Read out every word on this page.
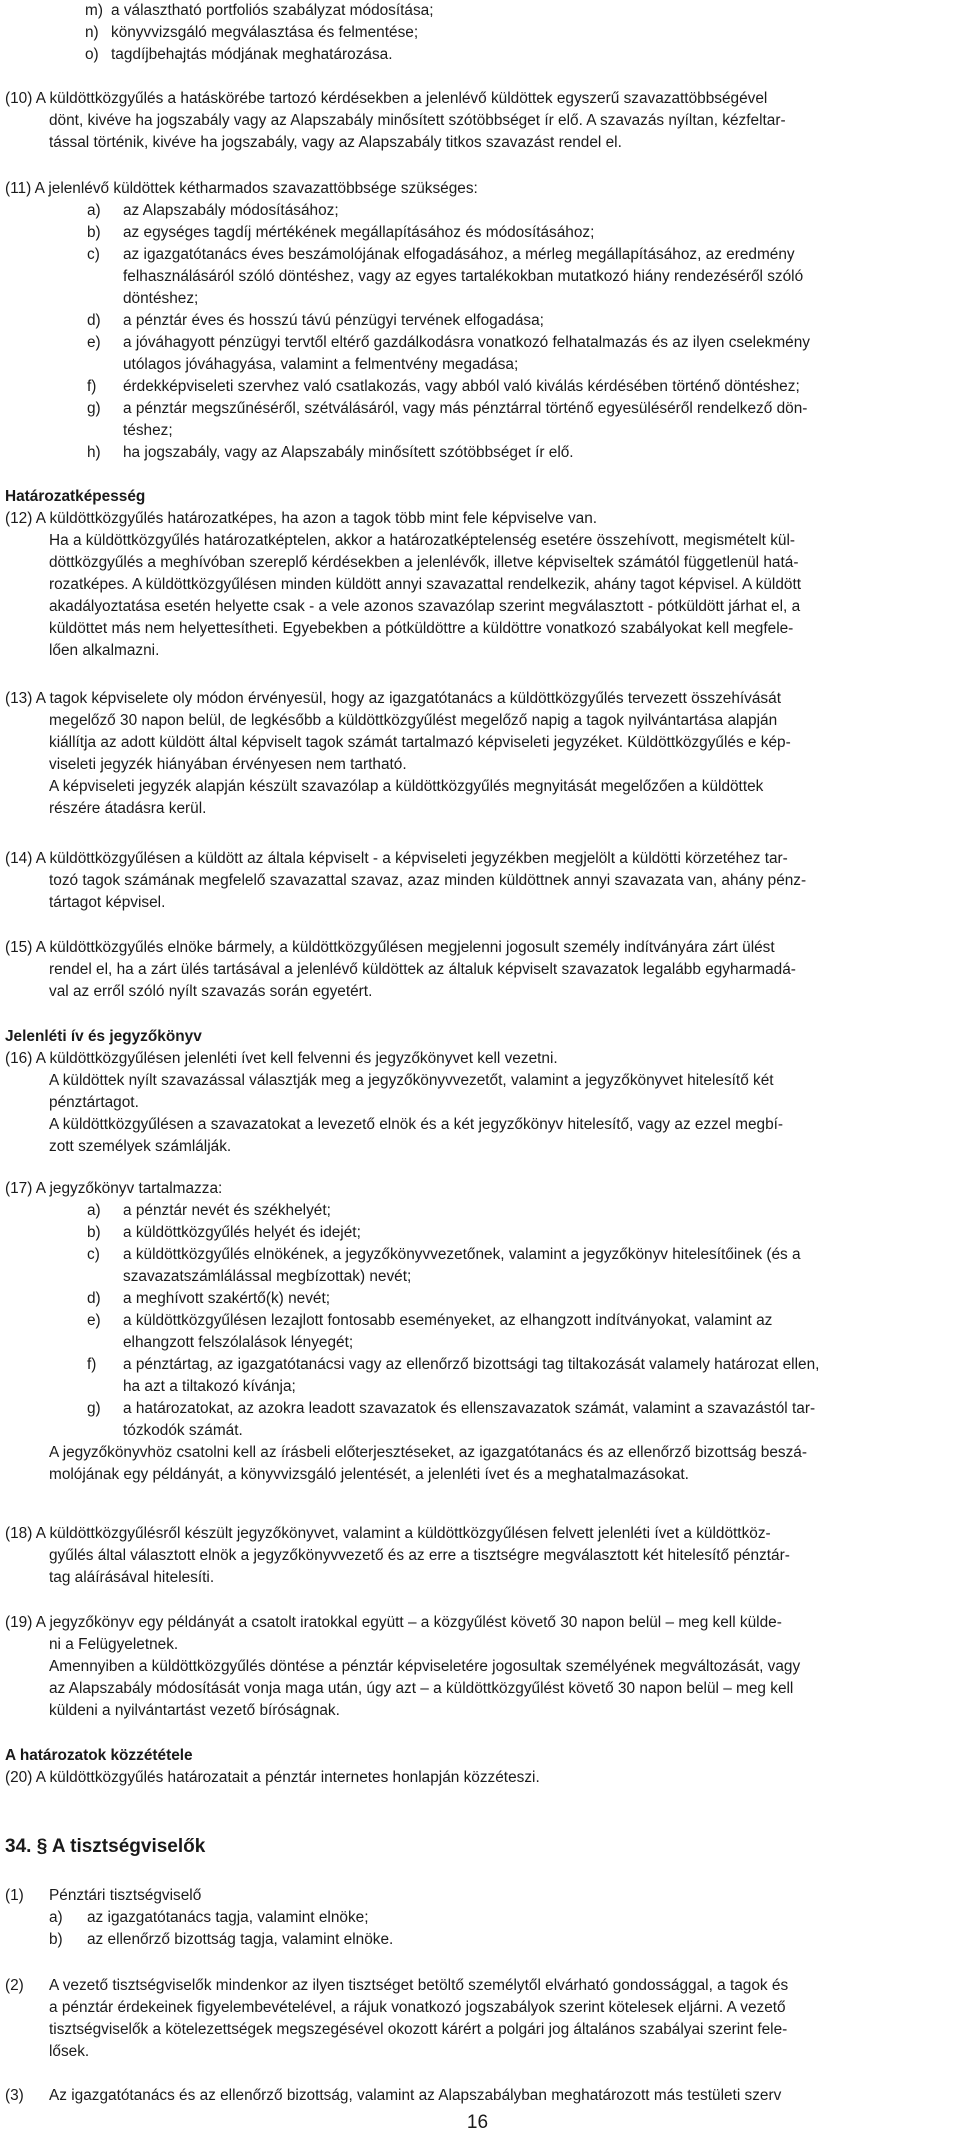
m) a választható portfoliós szabályzat módosítása;
n) könyvvizsgáló megválasztása és felmentése;
o) tagdíjbehajtás módjának meghatározása.
(10) A küldöttközgyűlés a hatáskörébe tartozó kérdésekben a jelenlévő küldöttek egyszerű szavazattöbbségével
dönt, kivéve ha jogszabály vagy az Alapszabály minősített szótöbbséget ír elő. A szavazás nyíltan, kézfeltar-
tással történik, kivéve ha jogszabály, vagy az Alapszabály titkos szavazást rendel el.
(11) A jelenlévő küldöttek kétharmados szavazattöbbsége szükséges:
a) az Alapszabály módosításához;
b) az egységes tagdíj mértékének megállapításához és módosításához;
c) az igazgatótanács éves beszámolójának elfogadásához, a mérleg megállapításához, az eredmény
felhasználásáról szóló döntéshez, vagy az egyes tartalékokban mutatkozó hiány rendezéséről szóló
döntéshez;
d) a pénztár éves és hosszú távú pénzügyi tervének elfogadása;
e) a jóváhagyott pénzügyi tervtől eltérő gazdálkodásra vonatkozó felhatalmazás és az ilyen cselekmény
utólagos jóváhagyása, valamint a felmentvény megadása;
f) érdekképviseleti szervhez való csatlakozás, vagy abból való kiválás kérdésében történő döntéshez;
g) a pénztár megszűnéséről, szétválásáról, vagy más pénztárral történő egyesüléséről rendelkező dön-
téshez;
h) ha jogszabály, vagy az Alapszabály minősített szótöbbséget ír elő.
Határozatképesség
(12) A küldöttközgyűlés határozatképes, ha azon a tagok több mint fele képviselve van.
Ha a küldöttközgyűlés határozatképtelen, akkor a határozatképtelenség esetére összehívott, megismételt kül-
döttközgyűlés a meghívóban szereplő kérdésekben a jelenlévők, illetve képviseltek számától függetlenül hatá-
rozatképes. A küldöttközgyűlésen minden küldött annyi szavazattal rendelkezik, ahány tagot képvisel. A küldött
akadályoztatása esetén helyette csak - a vele azonos szavazólap szerint megválasztott - pótküldött járhat el, a
küldöttet más nem helyettesítheti. Egyebekben a pótküldöttre a küldöttre vonatkozó szabályokat kell megfele-
lően alkalmazni.
(13) A tagok képviselete oly módon érvényesül, hogy az igazgatótanács a küldöttközgyűlés tervezett összehívását
megelőző 30 napon belül, de legkésőbb a küldöttközgyűlést megelőző napig a tagok nyilvántartása alapján
kiállítja az adott küldött által képviselt tagok számát tartalmazó képviseleti jegyzéket. Küldöttközgyűlés e kép-
viseleti jegyzék hiányában érvényesen nem tartható.
A képviseleti jegyzék alapján készült szavazólap a küldöttközgyűlés megnyitását megelőzően a küldöttek
részére átadásra kerül.
(14) A küldöttközgyűlésen a küldött az általa képviselt - a képviseleti jegyzékben megjelölt a küldötti körzetéhez tar-
tozó tagok számának megfelelő szavazattal szavaz, azaz minden küldöttnek annyi szavazata van, ahány pénz-
tártagot képvisel.
(15) A küldöttközgyűlés elnöke bármely, a küldöttközgyűlésen megjelenni jogosult személy indítványára zárt ülést
rendel el, ha a zárt ülés tartásával a jelenlévő küldöttek az általuk képviselt szavazatok legalább egyharmadá-
val az erről szóló nyílt szavazás során egyetért.
Jelenléti ív és jegyzőkönyv
(16) A küldöttközgyűlésen jelenléti ívet kell felvenni és jegyzőkönyvet kell vezetni.
A küldöttek nyílt szavazással választják meg a jegyzőkönyvvezetőt, valamint a jegyzőkönyvet hitelesítő két
pénztártagot.
A küldöttközgyűlésen a szavazatokat a levezető elnök és a két jegyzőkönyv hitelesítő, vagy az ezzel megbí-
zott személyek számlálják.
(17) A jegyzőkönyv tartalmazza:
a) a pénztár nevét és székhelyét;
b) a küldöttközgyűlés helyét és idejét;
c) a küldöttközgyűlés elnökének, a jegyzőkönyvvezetőnek, valamint a jegyzőkönyv hitelesítőinek (és a
szavazatszámlálással megbízottak) nevét;
d) a meghívott szakértő(k) nevét;
e) a küldöttközgyűlésen lezajlott fontosabb eseményeket, az elhangzott indítványokat, valamint az
elhangzott felszólalások lényegét;
f) a pénztártag, az igazgatótanácsi vagy az ellenőrző bizottsági tag tiltakozását valamely határozat ellen,
ha azt a tiltakozó kívánja;
g) a határozatokat, az azokra leadott szavazatok és ellenszavazatok számát, valamint a szavazástól tar-
tózkodók számát.
A jegyzőkönyvhöz csatolni kell az írásbeli előterjesztéseket, az igazgatótanács és az ellenőrző bizottság beszá-
molójának egy példányát, a könyvvizsgáló jelentését, a jelenléti ívet és a meghatalmazásokat.
(18) A küldöttközgyűlésről készült jegyzőkönyvet, valamint a küldöttközgyűlésen felvett jelenléti ívet a küldöttköz-
gyűlés által választott elnök a jegyzőkönyvvezető és az erre a tisztségre megválasztott két hitelesítő pénztár-
tag aláírásával hitelesíti.
(19) A jegyzőkönyv egy példányát a csatolt iratokkal együtt – a közgyűlést követő 30 napon belül – meg kell külde-
ni a Felügyeletnek.
Amennyiben a küldöttközgyűlés döntése a pénztár képviseletére jogosultak személyének megváltozását, vagy
az Alapszabály módosítását vonja maga után, úgy azt – a küldöttközgyűlést követő 30 napon belül – meg kell
küldeni a nyilvántartást vezető bíróságnak.
A határozatok közzététele
(20) A küldöttközgyűlés határozatait a pénztár internetes honlapján közzéteszi.
34. § A tisztségviselők
(1) Pénztári tisztségviselő
a) az igazgatótanács tagja, valamint elnöke;
b) az ellenőrző bizottság tagja, valamint elnöke.
(2) A vezető tisztségviselők mindenkor az ilyen tisztséget betöltő személytől elvárható gondossággal, a tagok és
a pénztár érdekeinek figyelembevételével, a rájuk vonatkozó jogszabályok szerint kötelesek eljárni. A vezető
tisztségviselők a kötelezettségek megszegésével okozott kárért a polgári jog általános szabályai szerint fele-
lősek.
(3) Az igazgatótanács és az ellenőrző bizottság, valamint az Alapszabályban meghatározott más testületi szerv
16
